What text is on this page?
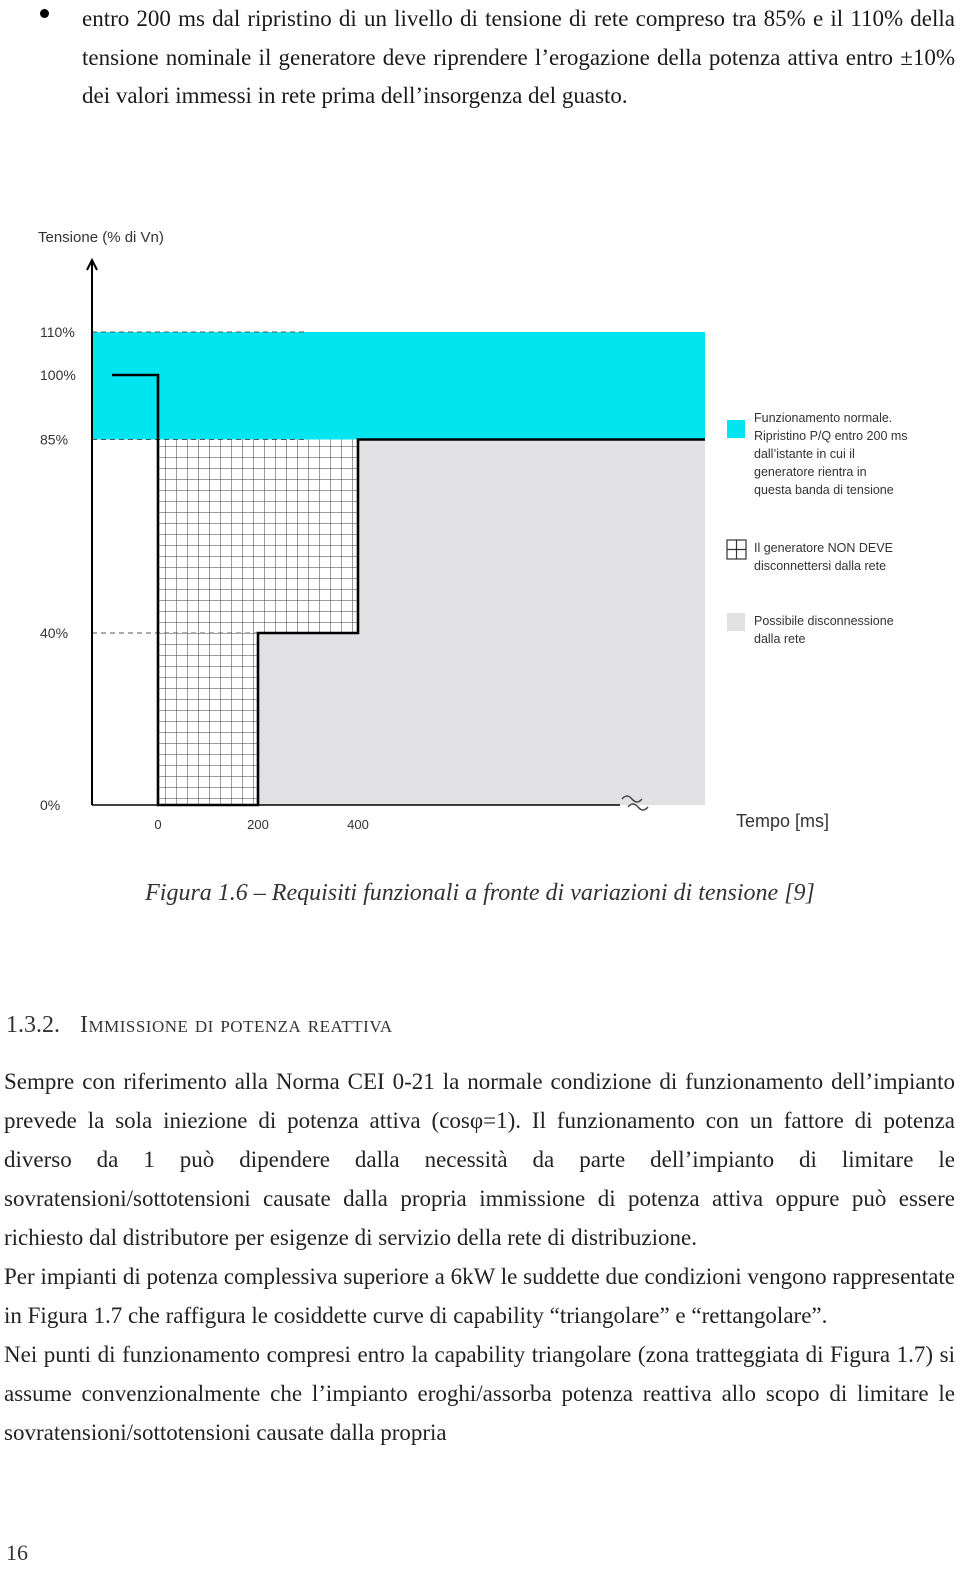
entro 200 ms dal ripristino di un livello di tensione di rete compreso tra 85% e il 110% della tensione nominale il generatore deve riprendere l’erogazione della potenza attiva entro ±10% dei valori immessi in rete prima dell’insorgenza del guasto.

0%
40%
85%
100%
110%
0	200	400
Tensione (% di Vn)
Tempo [ms]
Funzionamento normale. Ripristino P/Q entro 200 ms dall’istante in cui il generatore rientra in questa banda di tensione
Il generatore NON DEVE disconnettersi dalla rete
Possibile disconnessione dalla rete
Figura 1.6 – Requisiti funzionali a fronte di variazioni di tensione [9]
1.3.2. Immissione di potenza reattiva

Sempre con riferimento alla Norma CEI 0-21 la normale condizione di funzionamento dell’impianto prevede la sola iniezione di potenza attiva (cosφ=1). Il funzionamento con un fattore di potenza diverso da 1 può dipendere dalla necessità da parte dell’impianto di limitare le sovratensioni/sottotensioni causate dalla propria immissione di potenza attiva oppure può essere richiesto dal distributore per esigenze di servizio della rete di distribuzione.

Per impianti di potenza complessiva superiore a 6kW le suddette due condizioni vengono rappresentate in Figura 1.7 che raffigura le cosiddette curve di capability “triangolare” e “rettangolare”.

Nei punti di funzionamento compresi entro la capability triangolare (zona tratteggiata di Figura 1.7) si assume convenzionalmente che l’impianto eroghi/assorba potenza reattiva allo scopo di limitare le sovratensioni/sottotensioni causate dalla propria

16
